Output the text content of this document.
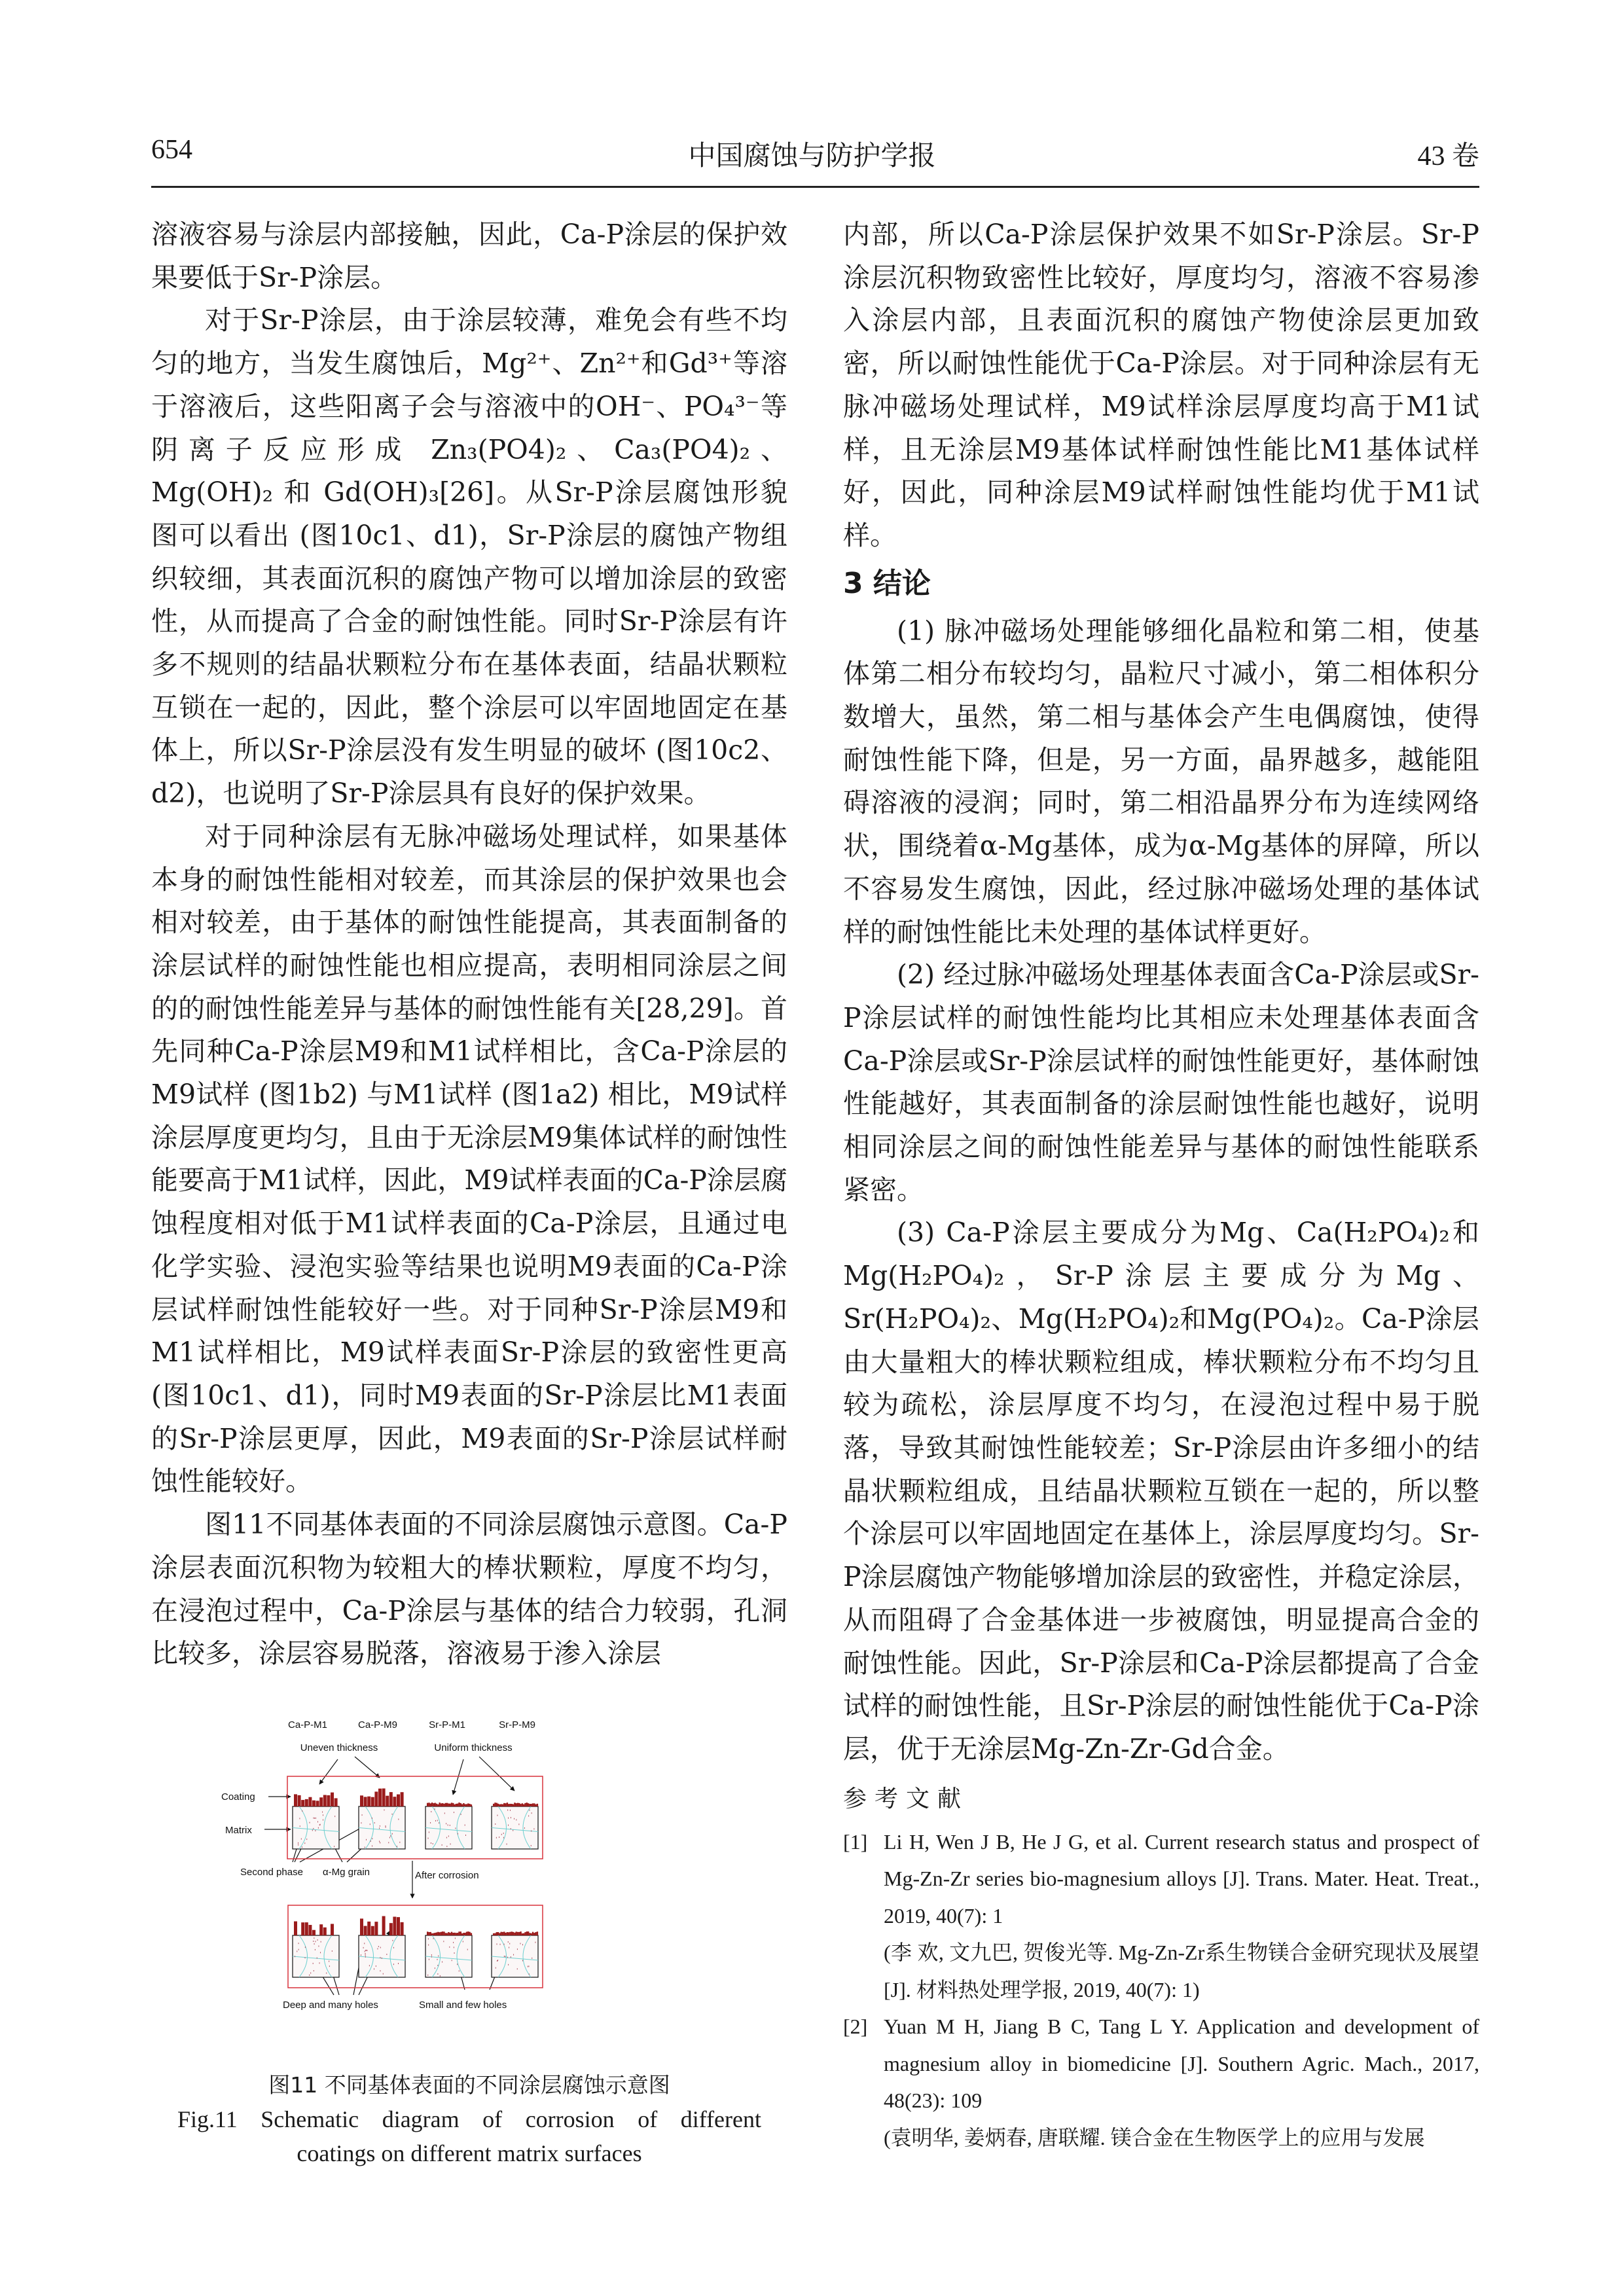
654	中国腐蚀与防护学报	43 卷

溶液容易与涂层内部接触，因此，Ca-P涂层的保护效果要低于Sr-P涂层。

对于Sr-P涂层，由于涂层较薄，难免会有些不均匀的地方，当发生腐蚀后，Mg²⁺、Zn²⁺和Gd³⁺等溶于溶液后，这些阳离子会与溶液中的OH⁻、PO₄³⁻等阴离子反应形成 Zn₃(PO4)₂、Ca₃(PO4)₂、Mg(OH)₂ 和 Gd(OH)₃[26]。从Sr-P涂层腐蚀形貌图可以看出 (图10c1、d1)，Sr-P涂层的腐蚀产物组织较细，其表面沉积的腐蚀产物可以增加涂层的致密性，从而提高了合金的耐蚀性能。同时Sr-P涂层有许多不规则的结晶状颗粒分布在基体表面，结晶状颗粒互锁在一起的，因此，整个涂层可以牢固地固定在基体上，所以Sr-P涂层没有发生明显的破坏 (图10c2、d2)，也说明了Sr-P涂层具有良好的保护效果。

对于同种涂层有无脉冲磁场处理试样，如果基体本身的耐蚀性能相对较差，而其涂层的保护效果也会相对较差，由于基体的耐蚀性能提高，其表面制备的涂层试样的耐蚀性能也相应提高，表明相同涂层之间的的耐蚀性能差异与基体的耐蚀性能有关[28,29]。首先同种Ca-P涂层M9和M1试样相比，含Ca-P涂层的M9试样 (图1b2) 与M1试样 (图1a2) 相比，M9试样涂层厚度更均匀，且由于无涂层M9集体试样的耐蚀性能要高于M1试样，因此，M9试样表面的Ca-P涂层腐蚀程度相对低于M1试样表面的Ca-P涂层，且通过电化学实验、浸泡实验等结果也说明M9表面的Ca-P涂层试样耐蚀性能较好一些。对于同种Sr-P涂层M9和M1试样相比，M9试样表面Sr-P涂层的致密性更高 (图10c1、d1)，同时M9表面的Sr-P涂层比M1表面的Sr-P涂层更厚，因此，M9表面的Sr-P涂层试样耐蚀性能较好。

图11不同基体表面的不同涂层腐蚀示意图。Ca-P涂层表面沉积物为较粗大的棒状颗粒，厚度不均匀，在浸泡过程中，Ca-P涂层与基体的结合力较弱，孔洞比较多，涂层容易脱落，溶液易于渗入涂层

Ca-P-M1	Ca-P-M9	Sr-P-M1	Sr-P-M9
Uneven thickness	Uniform thickness
Coating
Matrix
Second phase α-Mg grain	After corrosion
Deep and many holes	Small and few holes
图11 不同基体表面的不同涂层腐蚀示意图
Fig.11 Schematic diagram of corrosion of different
coatings on different matrix surfaces

内部，所以Ca-P涂层保护效果不如Sr-P涂层。Sr-P涂层沉积物致密性比较好，厚度均匀，溶液不容易渗入涂层内部，且表面沉积的腐蚀产物使涂层更加致密，所以耐蚀性能优于Ca-P涂层。对于同种涂层有无脉冲磁场处理试样，M9试样涂层厚度均高于M1试样，且无涂层M9基体试样耐蚀性能比M1基体试样好，因此，同种涂层M9试样耐蚀性能均优于M1试样。

3 结论

(1) 脉冲磁场处理能够细化晶粒和第二相，使基体第二相分布较均匀，晶粒尺寸减小，第二相体积分数增大，虽然，第二相与基体会产生电偶腐蚀，使得耐蚀性能下降，但是，另一方面，晶界越多，越能阻碍溶液的浸润；同时，第二相沿晶界分布为连续网络状，围绕着α-Mg基体，成为α-Mg基体的屏障，所以不容易发生腐蚀，因此，经过脉冲磁场处理的基体试样的耐蚀性能比未处理的基体试样更好。

(2) 经过脉冲磁场处理基体表面含Ca-P涂层或Sr-P涂层试样的耐蚀性能均比其相应未处理基体表面含Ca-P涂层或Sr-P涂层试样的耐蚀性能更好，基体耐蚀性能越好，其表面制备的涂层耐蚀性能也越好，说明相同涂层之间的耐蚀性能差异与基体的耐蚀性能联系紧密。

(3) Ca-P涂层主要成分为Mg、Ca(H₂PO₄)₂和Mg(H₂PO₄)₂，Sr-P涂层主要成分为Mg、Sr(H₂PO₄)₂、Mg(H₂PO₄)₂和Mg(PO₄)₂。Ca-P涂层由大量粗大的棒状颗粒组成，棒状颗粒分布不均匀且较为疏松，涂层厚度不均匀，在浸泡过程中易于脱落，导致其耐蚀性能较差；Sr-P涂层由许多细小的结晶状颗粒组成，且结晶状颗粒互锁在一起的，所以整个涂层可以牢固地固定在基体上，涂层厚度均匀。Sr-P涂层腐蚀产物能够增加涂层的致密性，并稳定涂层，从而阻碍了合金基体进一步被腐蚀，明显提高合金的耐蚀性能。因此，Sr-P涂层和Ca-P涂层都提高了合金试样的耐蚀性能，且Sr-P涂层的耐蚀性能优于Ca-P涂层，优于无涂层Mg-Zn-Zr-Gd合金。

参考文献
[1] Li H, Wen J B, He J G, et al. Current research status and prospect of Mg-Zn-Zr series bio-magnesium alloys [J]. Trans. Mater. Heat. Treat., 2019, 40(7): 1
(李 欢, 文九巴, 贺俊光等. Mg-Zn-Zr系生物镁合金研究现状及展望 [J]. 材料热处理学报, 2019, 40(7): 1)
[2] Yuan M H, Jiang B C, Tang L Y. Application and development of magnesium alloy in biomedicine [J]. Southern Agric. Mach., 2017, 48(23): 109
(袁明华, 姜炳春, 唐联耀. 镁合金在生物医学上的应用与发展
